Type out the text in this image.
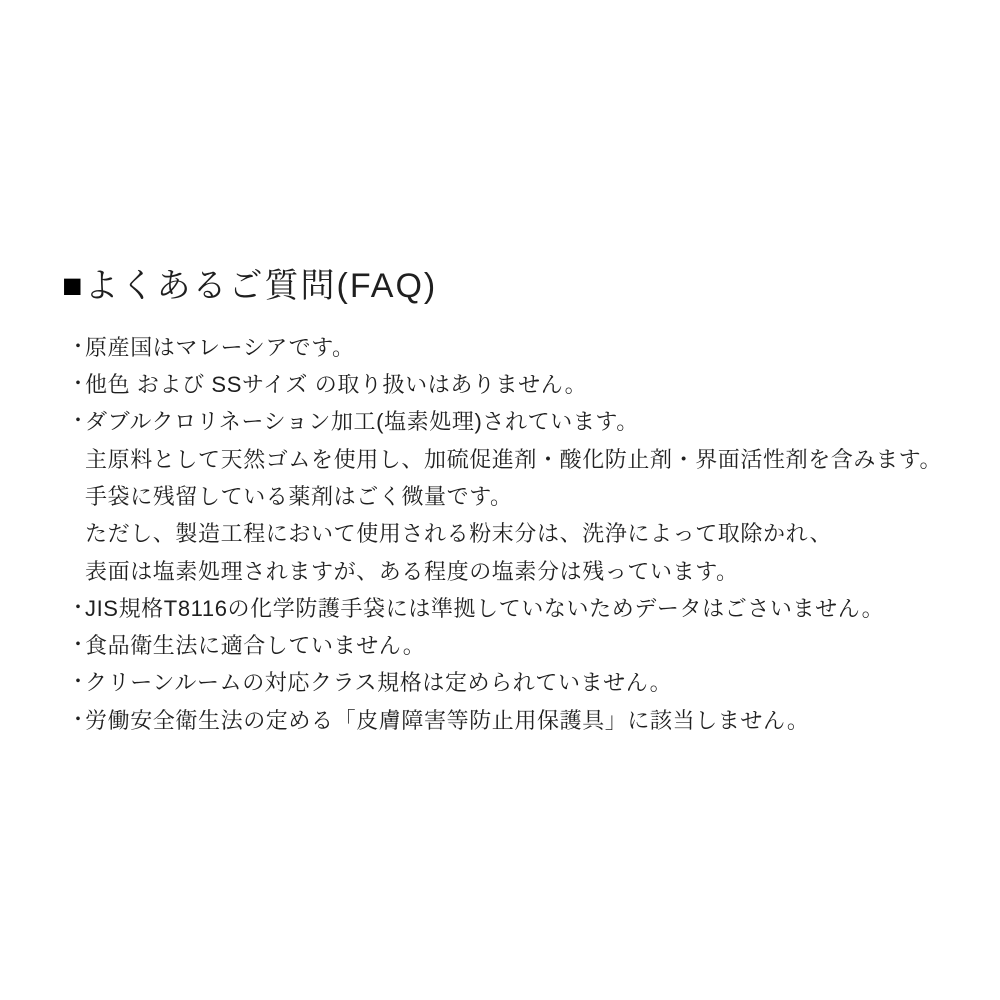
■よくあるご質問(FAQ)
・
原産国はマレーシアです。
・
他色 および SSサイズ の取り扱いはありません。
・
ダブルクロリネーション加工(塩素処理)されています。
主原料として天然ゴムを使用し、加硫促進剤・酸化防止剤・界面活性剤を含みます。
手袋に残留している薬剤はごく微量です。
ただし、製造工程において使用される粉末分は、洗浄によって取除かれ、
表面は塩素処理されますが、ある程度の塩素分は残っています。
・
JIS規格T8116の化学防護手袋には準拠していないためデータはごさいません。
・
食品衛生法に適合していません。
・
クリーンルームの対応クラス規格は定められていません。
・
労働安全衛生法の定める「皮膚障害等防止用保護具」に該当しません。
